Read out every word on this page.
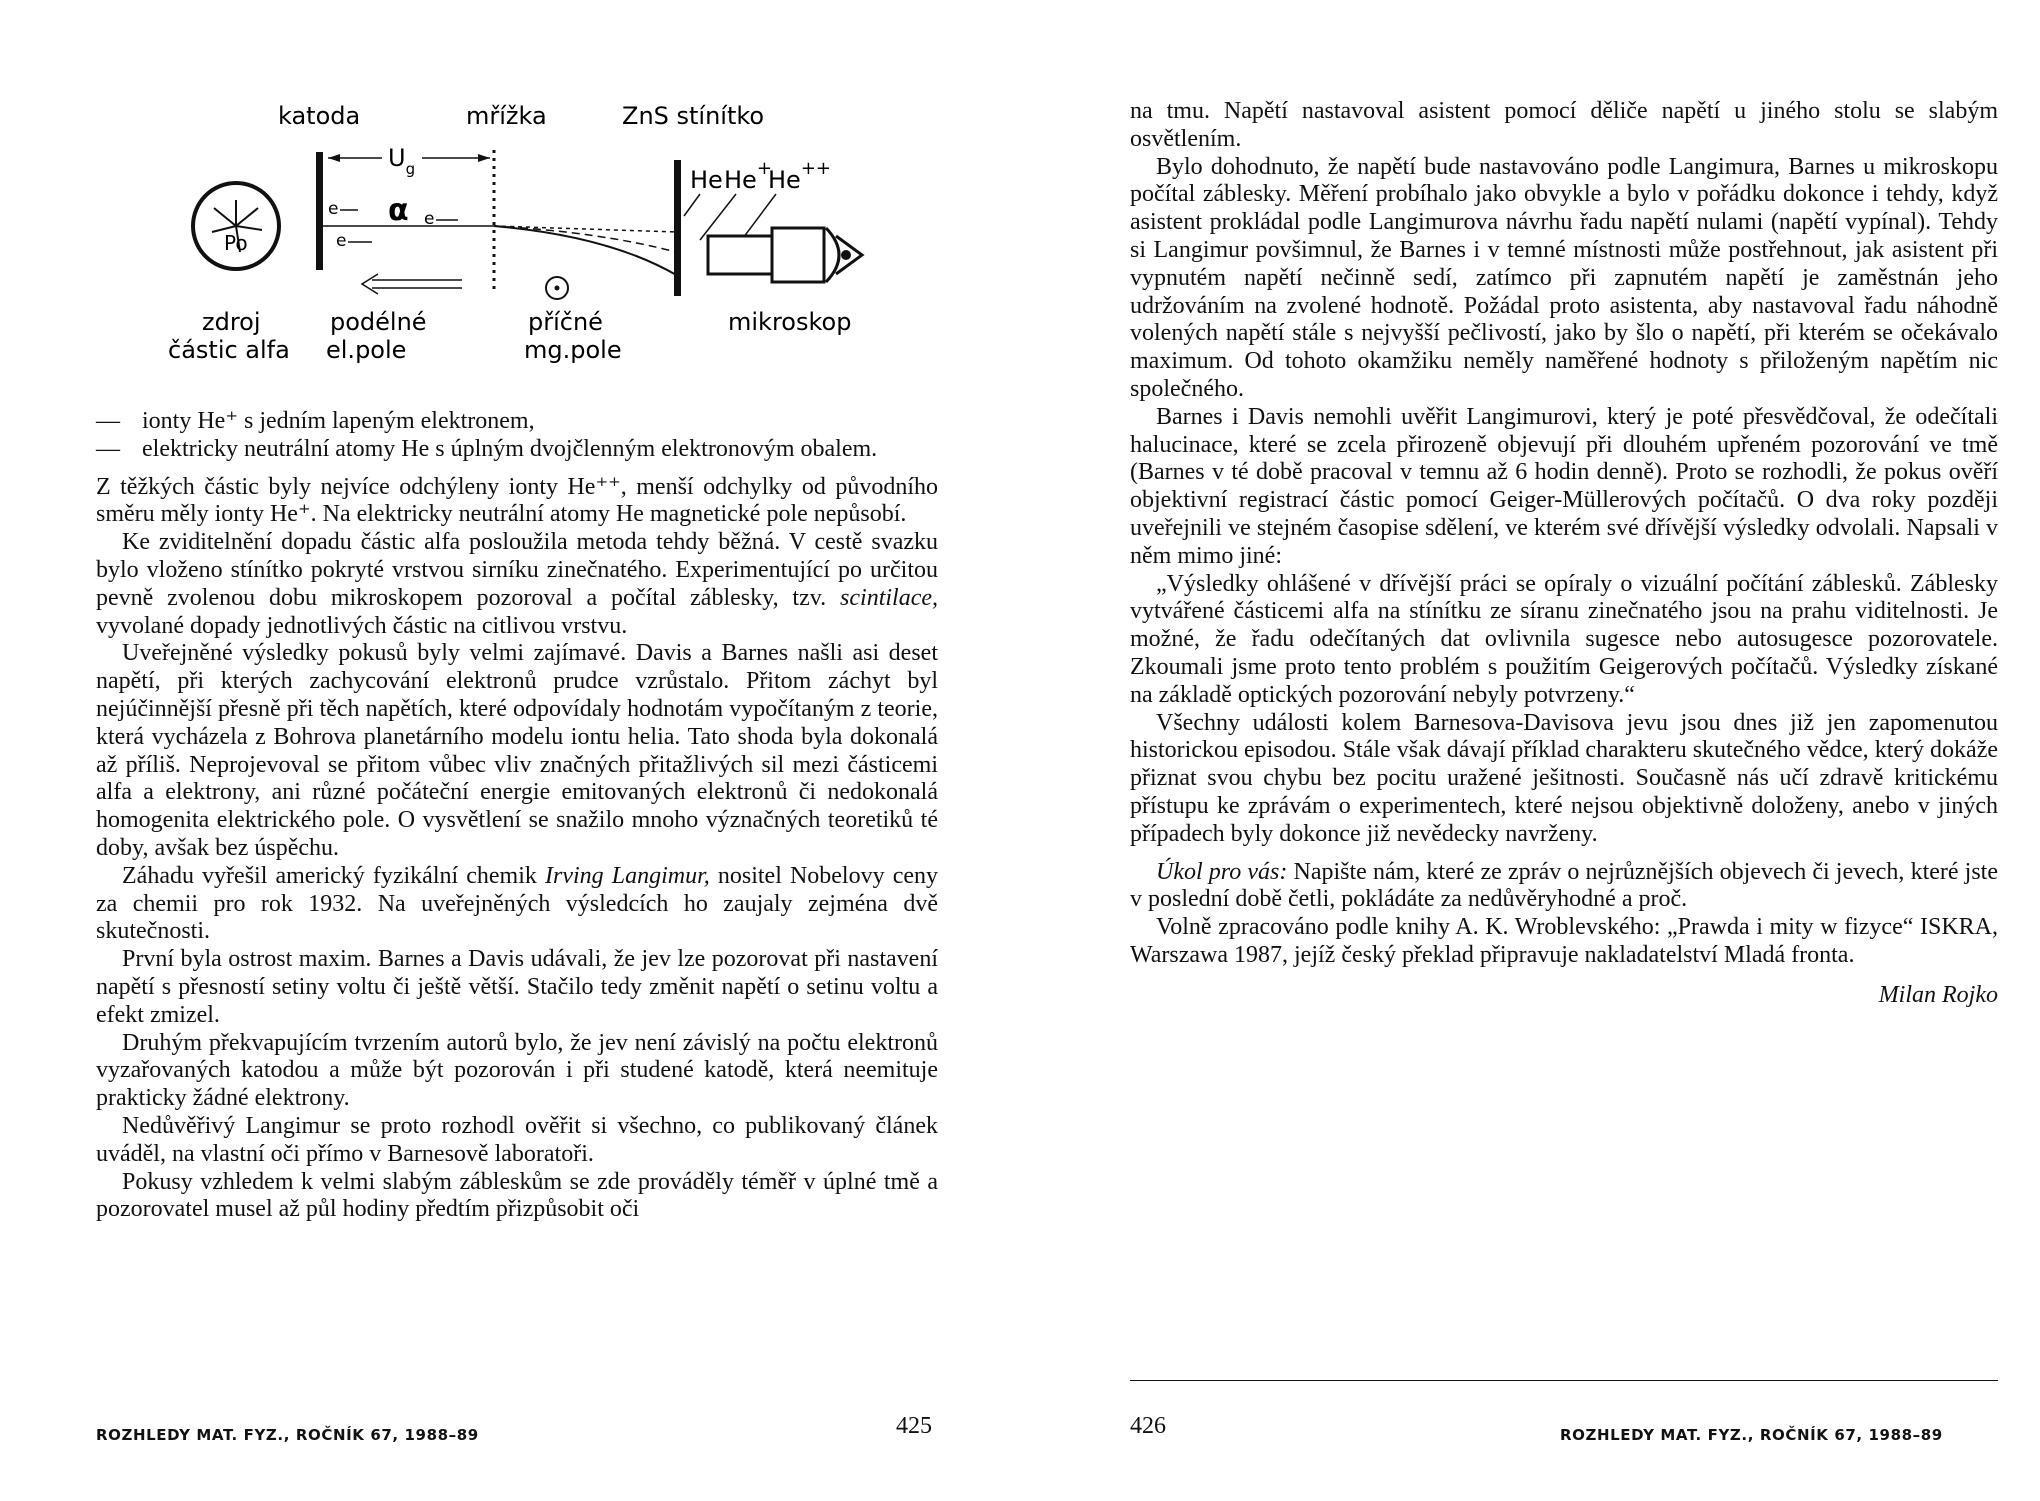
katoda	mřížka	ZnS stínítko
Po
e
e
$U_g$
α e
He He+
He++
zdroj
částic alfa
podélné
el.pole
příčné
mg.pole
mikroskop
— ionty He⁺ s jedním lapeným elektronem,
— elektricky neutrální atomy He s úplným dvojčlenným elektronovým obalem.

Z těžkých částic byly nejvíce odchýleny ionty He⁺⁺, menší odchylky od původního směru měly ionty He⁺. Na elektricky neutrální atomy He magnetické pole nepůsobí.

Ke zviditelnění dopadu částic alfa posloužila metoda tehdy běžná. V cestě svazku bylo vloženo stínítko pokryté vrstvou sirníku zinečnatého. Experimentující po určitou pevně zvolenou dobu mikroskopem pozoroval a počítal záblesky, tzv. scintilace, vyvolané dopady jednotlivých částic na citlivou vrstvu.

Uveřejněné výsledky pokusů byly velmi zajímavé. Davis a Barnes našli asi deset napětí, při kterých zachycování elektronů prudce vzrůstalo. Přitom záchyt byl nejúčinnější přesně při těch napětích, které odpovídaly hodnotám vypočítaným z teorie, která vycházela z Bohrova planetárního modelu iontu helia. Tato shoda byla dokonalá až příliš. Neprojevoval se přitom vůbec vliv značných přitažlivých sil mezi částicemi alfa a elektrony, ani různé počáteční energie emitovaných elektronů či nedokonalá homogenita elektrického pole. O vysvětlení se snažilo mnoho význačných teoretiků té doby, avšak bez úspěchu.

Záhadu vyřešil americký fyzikální chemik Irving Langimur, nositel Nobelovy ceny za chemii pro rok 1932. Na uveřejněných výsledcích ho zaujaly zejména dvě skutečnosti.

První byla ostrost maxim. Barnes a Davis udávali, že jev lze pozorovat při nastavení napětí s přesností setiny voltu či ještě větší. Stačilo tedy změnit napětí o setinu voltu a efekt zmizel.

Druhým překvapujícím tvrzením autorů bylo, že jev není závislý na počtu elektronů vyzařovaných katodou a může být pozorován i při studené katodě, která neemituje prakticky žádné elektrony.

Nedůvěřivý Langimur se proto rozhodl ověřit si všechno, co publikovaný článek uváděl, na vlastní oči přímo v Barnesově laboratoři.

Pokusy vzhledem k velmi slabým zábleskům se zde prováděly téměř v úplné tmě a pozorovatel musel až půl hodiny předtím přizpůsobit oči

ROZHLEDY MAT. FYZ., ROČNÍK 67, 1988–89	425

na tmu. Napětí nastavoval asistent pomocí děliče napětí u jiného stolu se slabým osvětlením.

Bylo dohodnuto, že napětí bude nastavováno podle Langimura, Barnes u mikroskopu počítal záblesky. Měření probíhalo jako obvykle a bylo v pořádku dokonce i tehdy, když asistent prokládal podle Langimurova návrhu řadu napětí nulami (napětí vypínal). Tehdy si Langimur povšimnul, že Barnes i v temné místnosti může postřehnout, jak asistent při vypnutém napětí nečinně sedí, zatímco při zapnutém napětí je zaměstnán jeho udržováním na zvolené hodnotě. Požádal proto asistenta, aby nastavoval řadu náhodně volených napětí stále s nejvyšší pečlivostí, jako by šlo o napětí, při kterém se očekávalo maximum. Od tohoto okamžiku neměly naměřené hodnoty s přiloženým napětím nic společného.

Barnes i Davis nemohli uvěřit Langimurovi, který je poté přesvědčoval, že odečítali halucinace, které se zcela přirozeně objevují při dlouhém upřeném pozorování ve tmě (Barnes v té době pracoval v temnu až 6 hodin denně). Proto se rozhodli, že pokus ověří objektivní registrací částic pomocí Geiger-Müllerových počítačů. O dva roky později uveřejnili ve stejném časopise sdělení, ve kterém své dřívější výsledky odvolali. Napsali v něm mimo jiné:

„Výsledky ohlášené v dřívější práci se opíraly o vizuální počítání záblesků. Záblesky vytvářené částicemi alfa na stínítku ze síranu zinečnatého jsou na prahu viditelnosti. Je možné, že řadu odečítaných dat ovlivnila sugesce nebo autosugesce pozorovatele. Zkoumali jsme proto tento problém s použitím Geigerových počítačů. Výsledky získané na základě optických pozorování nebyly potvrzeny.“

Všechny události kolem Barnesova-Davisova jevu jsou dnes již jen zapomenutou historickou episodou. Stále však dávají příklad charakteru skutečného vědce, který dokáže přiznat svou chybu bez pocitu uražené ješitnosti. Současně nás učí zdravě kritickému přístupu ke zprávám o experimentech, které nejsou objektivně doloženy, anebo v jiných případech byly dokonce již nevědecky navrženy.

Úkol pro vás: Napište nám, které ze zpráv o nejrůznějších objevech či jevech, které jste v poslední době četli, pokládáte za nedůvěryhodné a proč.

Volně zpracováno podle knihy A. K. Wroblevského: „Prawda i mity w fizyce“ ISKRA, Warszawa 1987, jejíž český překlad připravuje nakladatelství Mladá fronta.

Milan Rojko
426	ROZHLEDY MAT. FYZ., ROČNÍK 67, 1988–89
